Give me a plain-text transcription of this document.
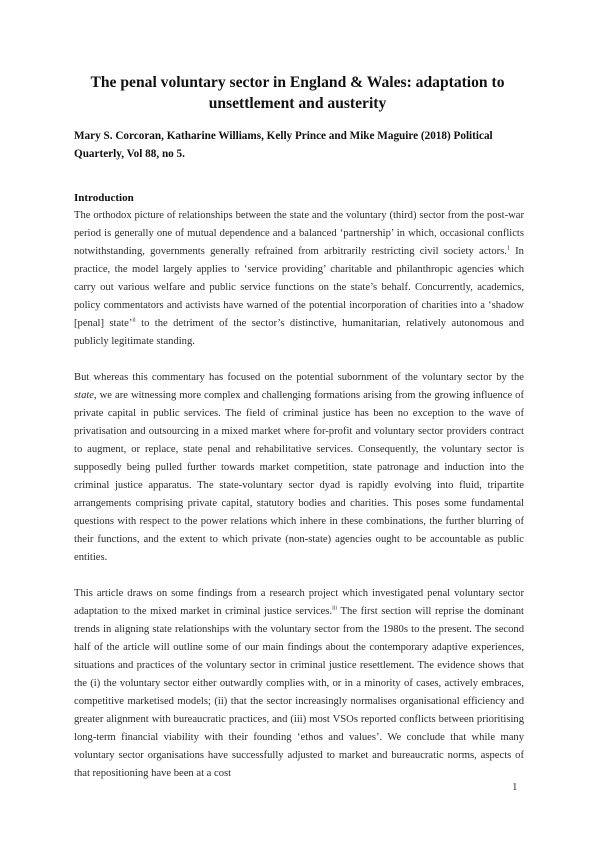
The penal voluntary sector in England & Wales: adaptation to unsettlement and austerity
Mary S. Corcoran, Katharine Williams, Kelly Prince and Mike Maguire (2018) Political Quarterly, Vol 88, no 5.
Introduction

The orthodox picture of relationships between the state and the voluntary (third) sector from the post-war period is generally one of mutual dependence and a balanced ‘partnership’ in which, occasional conflicts notwithstanding, governments generally refrained from arbitrarily restricting civil society actors.$^1$ In practice, the model largely applies to ‘service providing’ charitable and philanthropic agencies which carry out various welfare and public service functions on the state’s behalf. Concurrently, academics, policy commentators and activists have warned of the potential incorporation of charities into a ‘shadow [penal] state’$^{ii}$ to the detriment of the sector’s distinctive, humanitarian, relatively autonomous and publicly legitimate standing.

But whereas this commentary has focused on the potential subornment of the voluntary sector by the state, we are witnessing more complex and challenging formations arising from the growing influence of private capital in public services. The field of criminal justice has been no exception to the wave of privatisation and outsourcing in a mixed market where for-profit and voluntary sector providers contract to augment, or replace, state penal and rehabilitative services. Consequently, the voluntary sector is supposedly being pulled further towards market competition, state patronage and induction into the criminal justice apparatus. The state-voluntary sector dyad is rapidly evolving into fluid, tripartite arrangements comprising private capital, statutory bodies and charities. This poses some fundamental questions with respect to the power relations which inhere in these combinations, the further blurring of their functions, and the extent to which private (non-state) agencies ought to be accountable as public entities.

This article draws on some findings from a research project which investigated penal voluntary sector adaptation to the mixed market in criminal justice services.$^{iii}$ The first section will reprise the dominant trends in aligning state relationships with the voluntary sector from the 1980s to the present. The second half of the article will outline some of our main findings about the contemporary adaptive experiences, situations and practices of the voluntary sector in criminal justice resettlement. The evidence shows that the (i) the voluntary sector either outwardly complies with, or in a minority of cases, actively embraces, competitive marketised models; (ii) that the sector increasingly normalises organisational efficiency and greater alignment with bureaucratic practices, and (iii) most VSOs reported conflicts between prioritising long-term financial viability with their founding ‘ethos and values’. We conclude that while many voluntary sector organisations have successfully adjusted to market and bureaucratic norms, aspects of that repositioning have been at a cost

1
